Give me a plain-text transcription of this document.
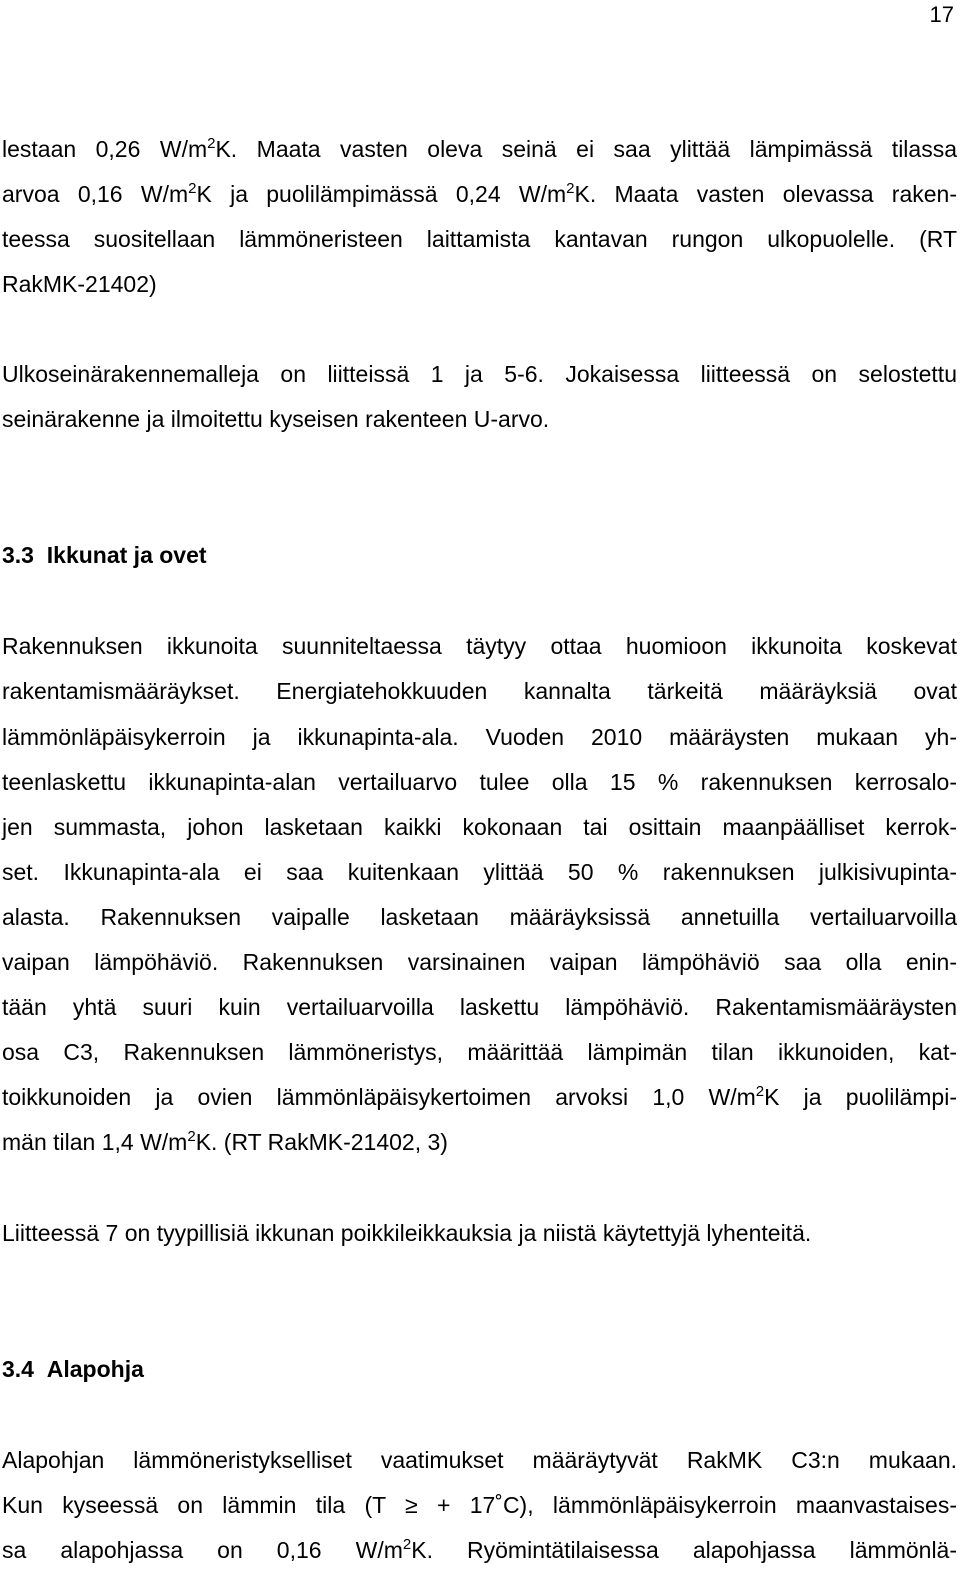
17
lestaan 0,26 $W/m^2K$. Maata vasten oleva seinä ei saa ylittää lämpimässä tilassa
arvoa 0,16 $W/m^2K$ ja puolilämpimässä 0,24 $W/m^2K$. Maata vasten olevassa raken-
teessa suositellaan lämmöneristeen laittamista kantavan rungon ulkopuolelle. (RT
RakMK-21402)
Ulkoseinärakennemalleja on liitteissä 1 ja 5-6. Jokaisessa liitteessä on selostettu
seinärakenne ja ilmoitettu kyseisen rakenteen U-arvo.
3.3 Ikkunat ja ovet
Rakennuksen ikkunoita suunniteltaessa täytyy ottaa huomioon ikkunoita koskevat
rakentamismääräykset. Energiatehokkuuden kannalta tärkeitä määräyksiä ovat
lämmönläpäisykerroin ja ikkunapinta-ala. Vuoden 2010 määräysten mukaan yh-
teenlaskettu ikkunapinta-alan vertailuarvo tulee olla 15 % rakennuksen kerrosalo-
jen summasta, johon lasketaan kaikki kokonaan tai osittain maanpäälliset kerrok-
set. Ikkunapinta-ala ei saa kuitenkaan ylittää 50 % rakennuksen julkisivupinta-
alasta. Rakennuksen vaipalle lasketaan määräyksissä annetuilla vertailuarvoilla
vaipan lämpöhäviö. Rakennuksen varsinainen vaipan lämpöhäviö saa olla enin-
tään yhtä suuri kuin vertailuarvoilla laskettu lämpöhäviö. Rakentamismääräysten
osa C3, Rakennuksen lämmöneristys, määrittää lämpimän tilan ikkunoiden, kat-
toikkunoiden ja ovien lämmönläpäisykertoimen arvoksi 1,0 $W/m^2K$ ja puolilämpi-
män tilan 1,4 $W/m^2K$. (RT RakMK-21402, 3)
Liitteessä 7 on tyypillisiä ikkunan poikkileikkauksia ja niistä käytettyjä lyhenteitä.
3.4 Alapohja
Alapohjan lämmöneristykselliset vaatimukset määräytyvät RakMK C3:n mukaan.
Kun kyseessä on lämmin tila (T ≥ + 17˚C), lämmönläpäisykerroin maanvastaises-
sa alapohjassa on 0,16 $W/m^2K$. Ryömintätilaisessa alapohjassa lämmönlä-
